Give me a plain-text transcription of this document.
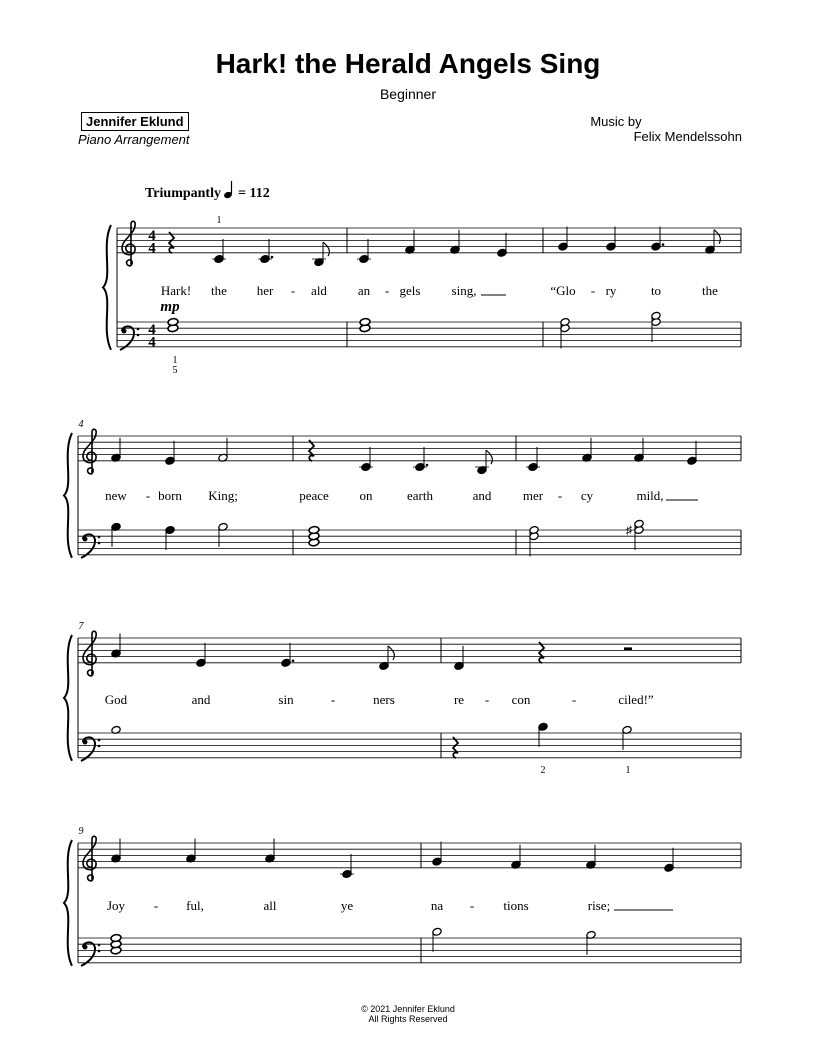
Hark! the Herald Angels Sing
Beginner
Jennifer Eklund
Piano Arrangement
Music by
Felix Mendelssohn
Triumpantly = 112
4
4
4
4
Hark! the her - ald an - gels sing,	“Glo - ry	to	the
4
new - born King;	peace on	earth	and mer - cy	mild,
7
God	and	sin	-	ners	re - con	-	ciled!”
9
Joy - ful,	all	ye	na - tions	rise;
1
1
5
mp
♯
2	1
© 2021 Jennifer Eklund
All Rights Reserved
